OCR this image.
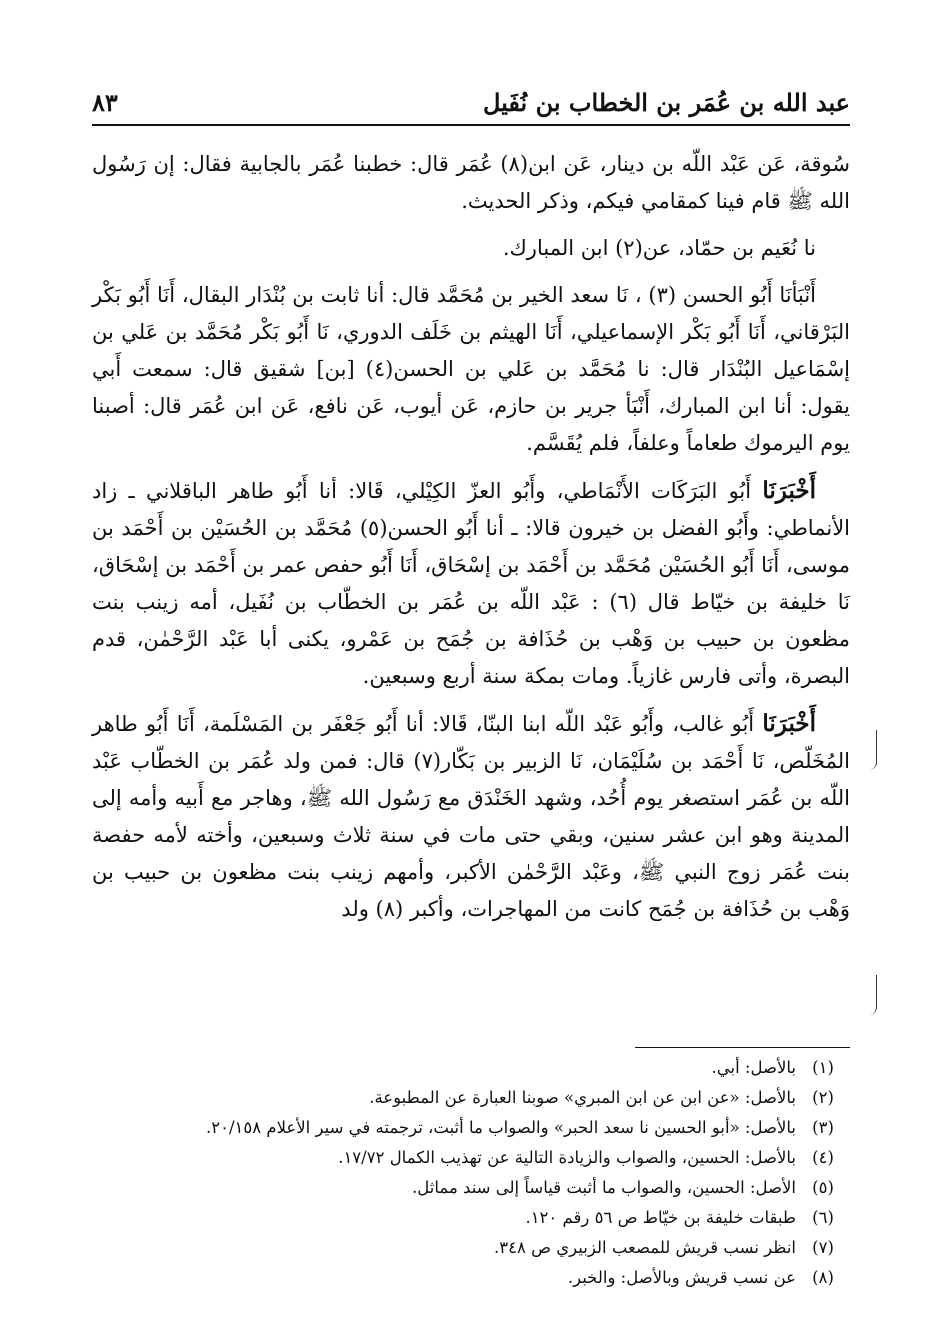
عبد الله بن عُمَر بن الخطاب بن نُفَيل
٨٣

سُوقة، عَن عَبْد اللّه بن دينار، عَن ابن(٨) عُمَر قال: خطبنا عُمَر بالجابية فقال: إن رَسُول الله ﷺ قام فينا كمقامي فيكم، وذكر الحديث.

نا نُعَيم بن حمّاد، عن(٢) ابن المبارك.

أَنْبَأنَا أَبُو الحسن (٣) ، نَا سعد الخير بن مُحَمَّد قال: أنا ثابت بن بُنْدَار البقال، أَنَا أَبُو بَكْر البَرْقاني، أَنَا أَبُو بَكْر الإسماعيلي، أَنَا الهيثم بن خَلَف الدوري، نَا أَبُو بَكْر مُحَمَّد بن عَلي بن إسْمَاعيل البُنْدَار قال: نا مُحَمَّد بن عَلي بن الحسن(٤) [بن] شقيق قال: سمعت أَبي يقول: أنا ابن المبارك، أَنْبَأ جرير بن حازم، عَن أيوب، عَن نافع، عَن ابن عُمَر قال: أصبنا يوم اليرموك طعاماً وعلفاً، فلم يُقَسَّم.

أَخْبَرَنَا أَبُو البَرَكَات الأَنْمَاطي، وأَبُو العزّ الكِيْلي، قَالا: أنا أَبُو طاهر الباقلاني ـ زاد الأنماطي: وأَبُو الفضل بن خيرون قالا: ـ أنا أَبُو الحسن(٥) مُحَمَّد بن الحُسَيْن بن أَحْمَد بن موسى، أَنَا أَبُو الحُسَيْن مُحَمَّد بن أَحْمَد بن إسْحَاق، أَنَا أَبُو حفص عمر بن أَحْمَد بن إسْحَاق، نَا خليفة بن خيّاط قال (٦) : عَبْد اللّه بن عُمَر بن الخطّاب بن نُفَيل، أمه زينب بنت مظعون بن حبيب بن وَهْب بن حُذَافة بن جُمَح بن عَمْرو، يكنى أبا عَبْد الرَّحْمٰن، قدم البصرة، وأتى فارس غازياً. ومات بمكة سنة أربع وسبعين.

أَخْبَرَنَا أَبُو غالب، وأَبُو عَبْد اللّه ابنا البنّا، قَالا: أنا أَبُو جَعْفَر بن المَسْلَمة، أَنَا أَبُو طاهر المُخَلّص، نَا أَحْمَد بن سُلَيْمَان، نَا الزبير بن بَكّار(٧) قال: فمن ولد عُمَر بن الخطّاب عَبْد اللّه بن عُمَر استصغر يوم أُحُد، وشهد الخَنْدَق مع رَسُول الله ﷺ، وهاجر مع أَبيه وأمه إلى المدينة وهو ابن عشر سنين، وبقي حتى مات في سنة ثلاث وسبعين، وأخته لأمه حفصة بنت عُمَر زوج النبي ﷺ، وعَبْد الرَّحْمٰن الأكبر، وأمهم زينب بنت مظعون بن حبيب بن وَهْب بن حُذَافة بن جُمَح كانت من المهاجرات، وأكبر (٨) ولد

(١)
بالأصل: أبي.
(٢)
بالأصل: «عن ابن عن ابن المبري» صوبنا العبارة عن المطبوعة.
(٣)
بالأصل: «أبو الحسين نا سعد الحبر» والصواب ما أثبت، ترجمته في سير الأعلام ٢٠/١٥٨.
(٤)
بالأصل: الحسين، والصواب والزيادة التالية عن تهذيب الكمال ١٧/٧٢.
(٥)
الأصل: الحسين، والصواب ما أثبت قياساً إلى سند مماثل.
(٦)
طبقات خليفة بن خيّاط ص ٥٦ رقم ١٢٠.
(٧)
انظر نسب قريش للمصعب الزبيري ص ٣٤٨.
(٨)
عن نسب قريش وبالأصل: والخبر.
